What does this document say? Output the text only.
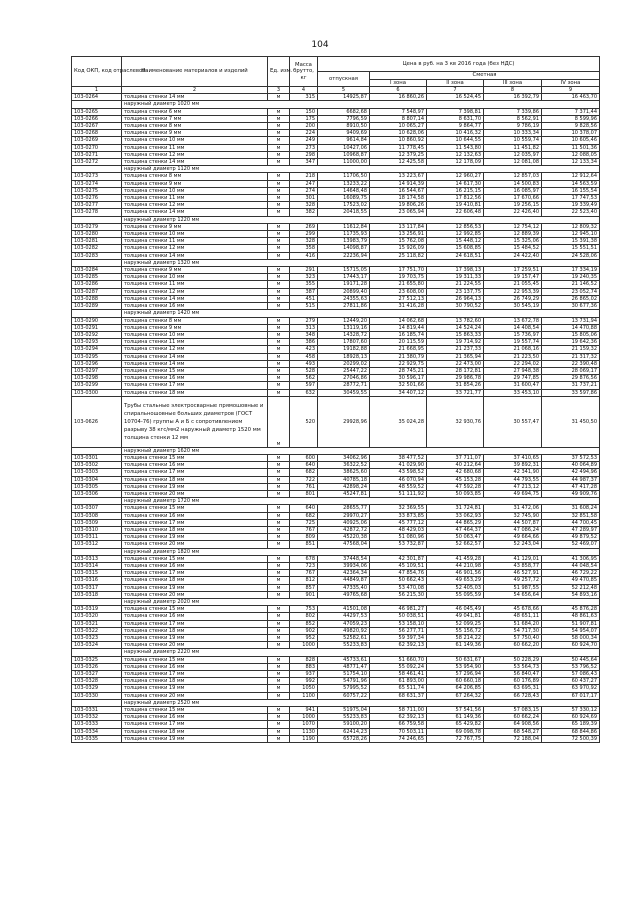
104
Код ОКП, код отраслевой	Наименование материалов и изделий	Ед. изм.	Масса брутто, кг	Цена в руб. на 3 кв 2016 года (без НДС)				
				отпускная	Сметная			
					I зона	II зона	III зона	IV зона
1	2	3	4	5	6	7	8	9
103-0264	толщина стенки 14 мм	м	315	14925,87	16 860,26	16 524,45	16 392,79	16 463,70
	наружный диаметр 1020 мм							
103-0265	толщина стенки 6 мм	м	150	6682,68	7 548,97	7 398,81	7 339,86	7 371,44
103-0266	толщина стенки 7 мм	м	175	7796,59	8 807,14	8 631,70	8 562,91	8 599,96
103-0267	толщина стенки 8 мм	м	200	8910,50	10 065,27	9 864,77	9 786,19	9 828,56
103-0268	толщина стенки 9 мм	м	224	9409,69	10 628,06	10 416,32	10 333,34	10 378,07
103-0269	толщина стенки 10 мм	м	249	9614,84	10 860,92	10 644,55	10 559,74	10 605,46
103-0270	толщина стенки 11 мм	м	273	10427,06	11 778,45	11 543,80	11 451,82	11 501,36
103-0271	толщина стенки 12 мм	м	298	10968,87	12 379,25	12 132,63	12 035,97	12 088,05
103-0272	толщина стенки 14 мм	м	347	11000,00	12 425,58	12 178,09	12 081,08	12 133,34
	наружный диаметр 1120 мм							
103-0273	толщина стенки 8 мм	м	218	11706,50	13 223,67	12 960,27	12 857,03	12 912,64
103-0274	толщина стенки 9 мм	м	247	13233,22	14 914,39	14 617,30	14 500,83	14 563,59
103-0275	толщина стенки 10 мм	м	274	14648,48	16 544,67	16 215,15	16 085,97	16 155,54
103-0276	толщина стенки 11 мм	м	301	16089,75	18 174,58	17 812,56	17 670,66	17 747,53
103-0277	толщина стенки 12 мм	м	328	17523,02	19 806,26	19 410,81	19 256,15	19 339,49
103-0278	толщина стенки 14 мм	м	382	20418,55	23 065,94	22 606,48	22 426,40	22 523,40
	наружный диаметр 1220 мм							
103-0279	толщина стенки 9 мм	м	269	11612,84	13 117,84	12 856,53	12 754,12	12 809,32
103-0280	толщина стенки 10 мм	м	299	11735,93	13 256,91	12 992,85	12 889,39	12 945,10
103-0281	толщина стенки 11 мм	м	328	13983,79	15 762,08	15 448,12	15 325,06	15 391,38
103-0282	толщина стенки 12 мм	м	358	14098,87	15 926,09	15 608,85	15 484,52	15 551,51
103-0283	толщина стенки 14 мм	м	416	22236,94	25 118,82	24 618,51	24 422,40	24 528,06
	наружный диаметр 1320 мм							
103-0284	толщина стенки 9 мм	м	291	15715,05	17 751,70	17 398,13	17 259,51	17 334,19
103-0285	толщина стенки 10 мм	м	323	17443,17	19 703,75	19 311,33	19 157,47	19 240,35
103-0286	толщина стенки 11 мм	м	355	19171,28	21 655,80	21 224,55	21 055,45	21 146,52
103-0287	толщина стенки 12 мм	м	387	20899,40	23 608,00	23 137,75	22 953,39	23 052,74
103-0288	толщина стенки 14 мм	м	451	24355,63	27 512,13	26 964,13	26 749,29	26 865,02
103-0289	толщина стенки 16 мм	м	515	27811,86	31 416,28	30 790,52	30 545,19	30 677,36
	наружный диаметр 1420 мм							
103-0290	толщина стенки 8 мм	м	279	12449,20	14 062,68	13 782,60	13 672,78	13 731,94
103-0291	толщина стенки 9 мм	м	313	13119,16	14 819,44	14 524,24	14 408,54	14 470,88
103-0292	толщина стенки 10 мм	м	348	14328,72	16 185,74	15 863,33	15 736,97	15 805,06
103-0293	толщина стенки 11 мм	м	386	17807,60	20 115,59	19 714,92	19 557,74	19 642,36
103-0294	толщина стенки 12 мм	м	423	19182,88	21 668,95	21 237,33	21 068,16	21 159,32
103-0295	толщина стенки 14 мм	м	458	18928,13	21 380,79	21 365,94	21 223,50	21 317,32
103-0296	толщина стенки 14 мм	м	493	20299,02	22 929,75	22 473,00	22 294,02	22 390,48
103-0297	толщина стенки 15 мм	м	528	25447,22	28 745,21	28 172,81	27 948,38	28 069,17
103-0298	толщина стенки 16 мм	м	562	27046,86	30 596,17	29 986,78	29 747,85	29 876,56
103-0299	толщина стенки 17 мм	м	597	28772,71	32 501,66	31 854,26	31 600,47	31 737,21
103-0300	толщина стенки 18 мм	м	632	30459,55	34 407,12	33 721,77	33 453,10	33 597,86
103-0626	Трубы стальные электросварные прямошовные и спиральношовные больших диаметров (ГОСТ 10704-76) группы А и Б с сопротивлением разрыву 38 кгс/мм2 наружный диаметр 1520 мм толщина стенки 12 мм	м	520	29928,96	35 024,28	32 930,76	30 557,47	31 450,50
	наружный диаметр 1620 мм							
103-0301	толщина стенки 15 мм	м	600	34062,96	38 477,52	37 711,07	37 410,65	37 572,53
103-0302	толщина стенки 16 мм	м	640	36322,52	41 029,90	40 212,64	39 892,31	40 064,89
103-0303	толщина стенки 17 мм	м	682	38625,60	43 598,52	42 680,68	42 341,90	42 494,96
103-0304	толщина стенки 18 мм	м	722	40785,18	46 070,94	45 153,28	44 793,55	44 987,37
103-0305	толщина стенки 19 мм	м	761	42898,24	48 559,52	47 592,28	47 213,12	47 417,28
103-0306	толщина стенки 20 мм	м	801	45247,81	51 111,92	50 093,85	49 694,75	49 909,76
	наружный диаметр 1720 мм							
103-0307	толщина стенки 15 мм	м	640	28655,77	32 369,55	31 724,81	31 472,06	31 608,24
103-0308	толщина стенки 16 мм	м	682	29970,27	33 873,85	33 062,93	32 745,90	32 851,58
103-0309	толщина стенки 17 мм	м	725	40925,06	45 777,12	44 865,29	44 507,87	44 700,45
103-0310	толщина стенки 18 мм	м	767	42872,72	48 429,03	47 464,37	47 086,24	47 289,97
103-0311	толщина стенки 19 мм	м	809	45220,38	51 080,96	50 063,47	49 664,66	49 879,52
103-0312	толщина стенки 20 мм	м	851	47568,04	53 732,87	52 662,57	52 243,04	52 469,07
	наружный диаметр 1820 мм							
103-0313	толщина стенки 15 мм	м	678	37448,54	42 301,87	41 459,28	41 129,01	41 306,95
103-0314	толщина стенки 16 мм	м	723	39934,06	45 109,51	44 210,98	43 858,77	44 048,54
103-0315	толщина стенки 17 мм	м	767	42364,34	47 854,76	46 901,56	46 527,91	46 729,22
103-0316	толщина стенки 18 мм	м	812	44849,87	50 662,43	49 653,29	49 257,72	49 470,85
103-0317	толщина стенки 19 мм	м	857	47335,40	53 470,08	52 405,03	51 987,55	52 212,48
103-0318	толщина стенки 20 мм	м	901	49765,68	56 215,30	55 095,59	54 656,64	54 893,16
	наружный диаметр 2020 мм							
103-0319	толщина стенки 15 мм	м	753	41501,08	46 981,27	46 045,49	45 678,66	45 876,28
103-0320	толщина стенки 16 мм	м	802	44297,53	50 038,51	49 041,81	48 651,11	48 861,63
103-0321	толщина стенки 17 мм	м	852	47059,23	53 158,10	52 099,25	51 684,20	51 907,81
103-0322	толщина стенки 18 мм	м	902	49820,92	56 277,71	55 156,72	54 717,30	54 954,07
103-0323	толщина стенки 19 мм	м	952	52582,61	59 397,34	58 214,22	57 750,40	58 000,34
103-0324	толщина стенки 20 мм	м	1000	55233,83	62 392,13	61 149,36	60 662,20	60 924,70
	наружный диаметр 2220 мм							
103-0325	толщина стенки 15 мм	м	828	45733,61	51 660,70	50 631,67	50 228,29	50 445,64
103-0326	толщина стенки 16 мм	м	883	48771,47	55 092,24	53 954,90	53 564,73	53 796,52
103-0327	толщина стенки 17 мм	м	937	51754,10	58 461,41	57 296,94	56 840,47	57 086,43
103-0328	толщина стенки 18 мм	м	992	54791,96	61 893,00	60 660,18	60 176,89	60 437,27
103-0329	толщина стенки 19 мм	м	1050	57995,52	65 511,74	64 206,85	63 695,31	63 970,92
103-0330	толщина стенки 20 мм	м	1100	60757,22	68 631,37	67 264,32	66 728,43	67 017,17
	наружный диаметр 2520 мм							
103-0331	толщина стенки 15 мм	м	941	51975,04	58 711,00	57 541,56	57 083,15	57 330,12
103-0332	толщина стенки 16 мм	м	1000	55233,83	62 392,13	61 149,36	60 662,24	60 924,69
103-0333	толщина стенки 17 мм	м	1070	59100,20	66 759,58	65 429,82	64 908,56	65 189,39
103-0334	толщина стенки 18 мм	м	1130	62414,23	70 503,11	69 098,78	68 548,27	68 844,86
103-0335	толщина стенки 19 мм	м	1190	65728,26	74 246,65	72 767,75	72 188,04	72 500,39
